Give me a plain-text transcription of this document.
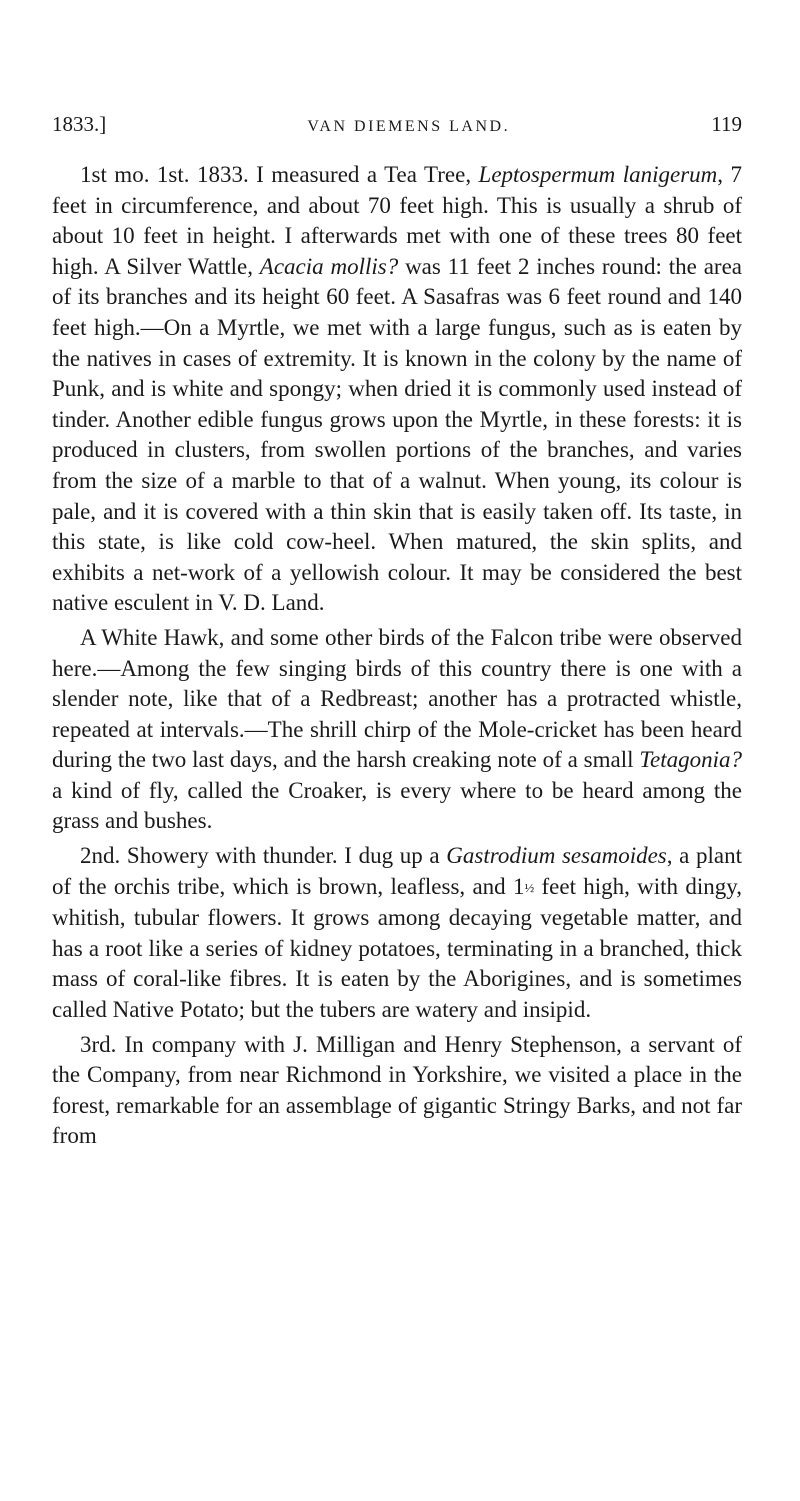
1833.]	VAN DIEMENS LAND.	119

1st mo. 1st. 1833. I measured a Tea Tree, Leptospermum lanigerum, 7 feet in circumference, and about 70 feet high. This is usually a shrub of about 10 feet in height. I afterwards met with one of these trees 80 feet high. A Silver Wattle, Acacia mollis? was 11 feet 2 inches round: the area of its branches and its height 60 feet. A Sasafras was 6 feet round and 140 feet high.—On a Myrtle, we met with a large fungus, such as is eaten by the natives in cases of extremity. It is known in the colony by the name of Punk, and is white and spongy; when dried it is commonly used instead of tinder. Another edible fungus grows upon the Myrtle, in these forests: it is produced in clusters, from swollen portions of the branches, and varies from the size of a marble to that of a walnut. When young, its colour is pale, and it is covered with a thin skin that is easily taken off. Its taste, in this state, is like cold cow-heel. When matured, the skin splits, and exhibits a net-work of a yellowish colour. It may be considered the best native esculent in V. D. Land.

A White Hawk, and some other birds of the Falcon tribe were observed here.—Among the few singing birds of this country there is one with a slender note, like that of a Redbreast; another has a protracted whistle, repeated at intervals.—The shrill chirp of the Mole-cricket has been heard during the two last days, and the harsh creaking note of a small Tetagonia? a kind of fly, called the Croaker, is every where to be heard among the grass and bushes.

2nd. Showery with thunder. I dug up a Gastrodium sesamoides, a plant of the orchis tribe, which is brown, leafless, and 1½ feet high, with dingy, whitish, tubular flowers. It grows among decaying vegetable matter, and has a root like a series of kidney potatoes, terminating in a branched, thick mass of coral-like fibres. It is eaten by the Aborigines, and is sometimes called Native Potato; but the tubers are watery and insipid.

3rd. In company with J. Milligan and Henry Stephenson, a servant of the Company, from near Richmond in Yorkshire, we visited a place in the forest, remarkable for an assemblage of gigantic Stringy Barks, and not far from
